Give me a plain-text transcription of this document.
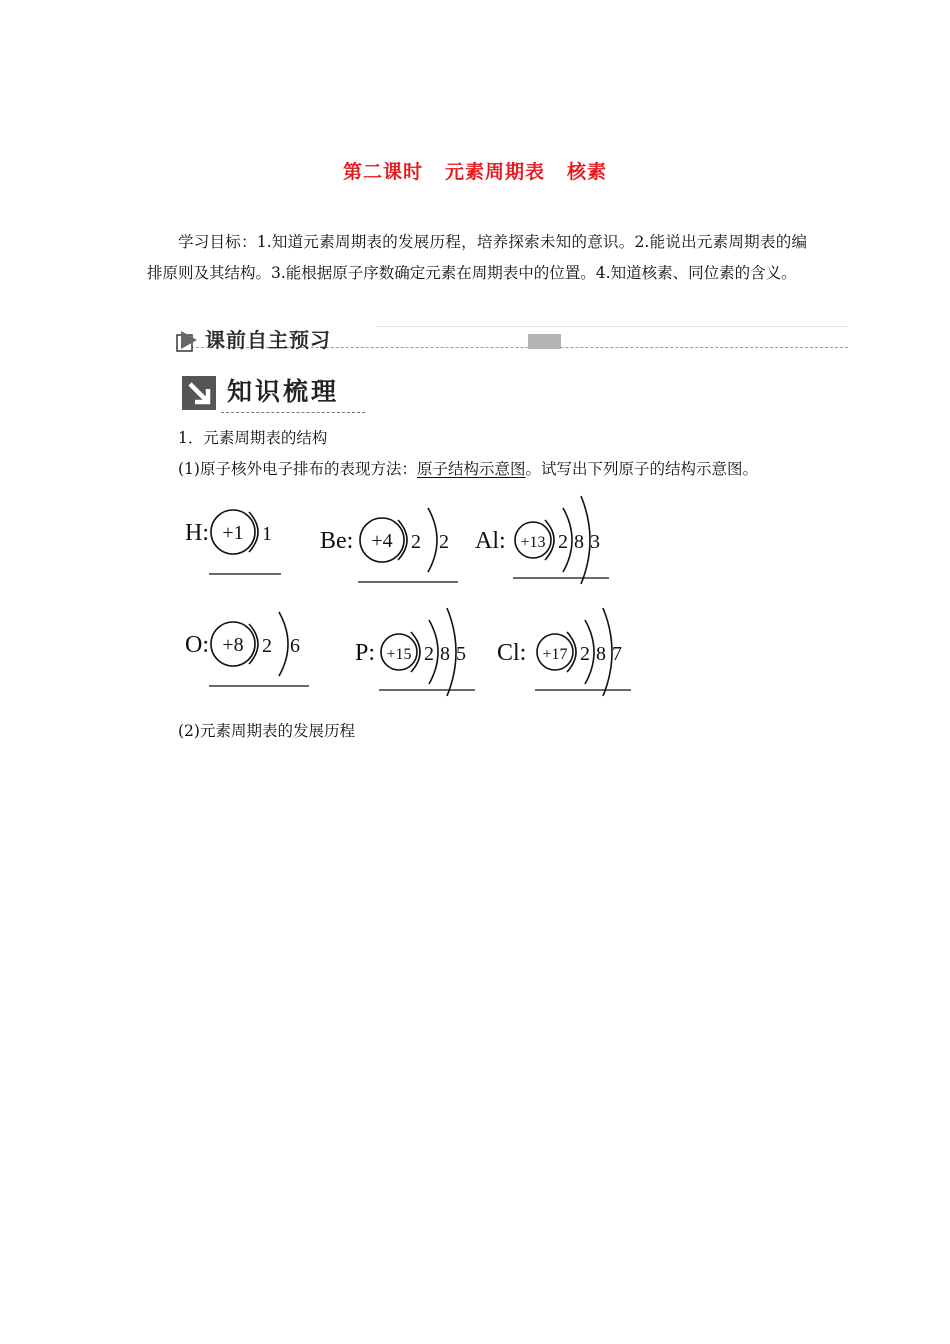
第二课时 元素周期表 核素
学习目标：1.知道元素周期表的发展历程，培养探索未知的意识。2.能说出元素周期表的编排原则及其结构。3.能根据原子序数确定元素在周期表中的位置。4.知道核素、同位素的含义。
课前自主预习
知识梳理
1．元素周期表的结构
(1)原子核外电子排布的表现方法：原子结构示意图。试写出下列原子的结构示意图。
H: +1 1 Be: +4 2 2 Al: +13 2 8 3
O: +8 2 6 P: +15 2 8 5 Cl: +17 2 8 7
(2)元素周期表的发展历程
